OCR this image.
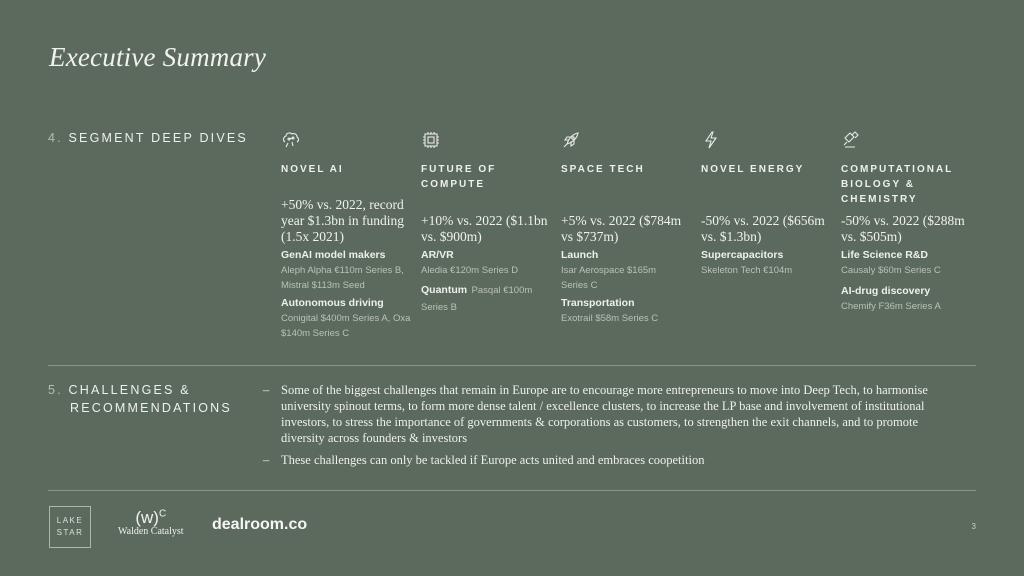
Executive Summary
4. SEGMENT DEEP DIVES
NOVEL AI
+50% vs. 2022, record year $1.3bn in funding (1.5x 2021)
GenAI model makers
Aleph Alpha €110m Series B, Mistral $113m Seed
Autonomous driving
Conigital $400m Series A, Oxa $140m Series C
FUTURE OF COMPUTE
+10% vs. 2022 ($1.1bn vs. $900m)
AR/VR
Aledia €120m Series D
Quantum Pasqal €100m Series B
SPACE TECH
+5% vs. 2022 ($784m vs $737m)
Launch
Isar Aerospace $165m Series C
Transportation
Exotrail $58m Series C
NOVEL ENERGY
-50% vs. 2022 ($656m vs. $1.3bn)
Supercapacitors
Skeleton Tech €104m
COMPUTATIONAL BIOLOGY & CHEMISTRY
-50% vs. 2022 ($288m vs. $505m)
Life Science R&D
Causaly $60m Series C
AI-drug discovery
Chemify F36m Series A
5. CHALLENGES &
RECOMMENDATIONS
– Some of the biggest challenges that remain in Europe are to encourage more entrepreneurs to move into Deep Tech, to harmonise university spinout terms, to form more dense talent / excellence clusters, to increase the LP base and involvement of institutional investors, to stress the importance of governments & corporations as customers, to strengthen the exit channels, and to promote diversity across founders & investors
– These challenges can only be tackled if Europe acts united and embraces coopetition
LAKE
STAR
$(w)^C$
Walden Catalyst dealroom.co	3
